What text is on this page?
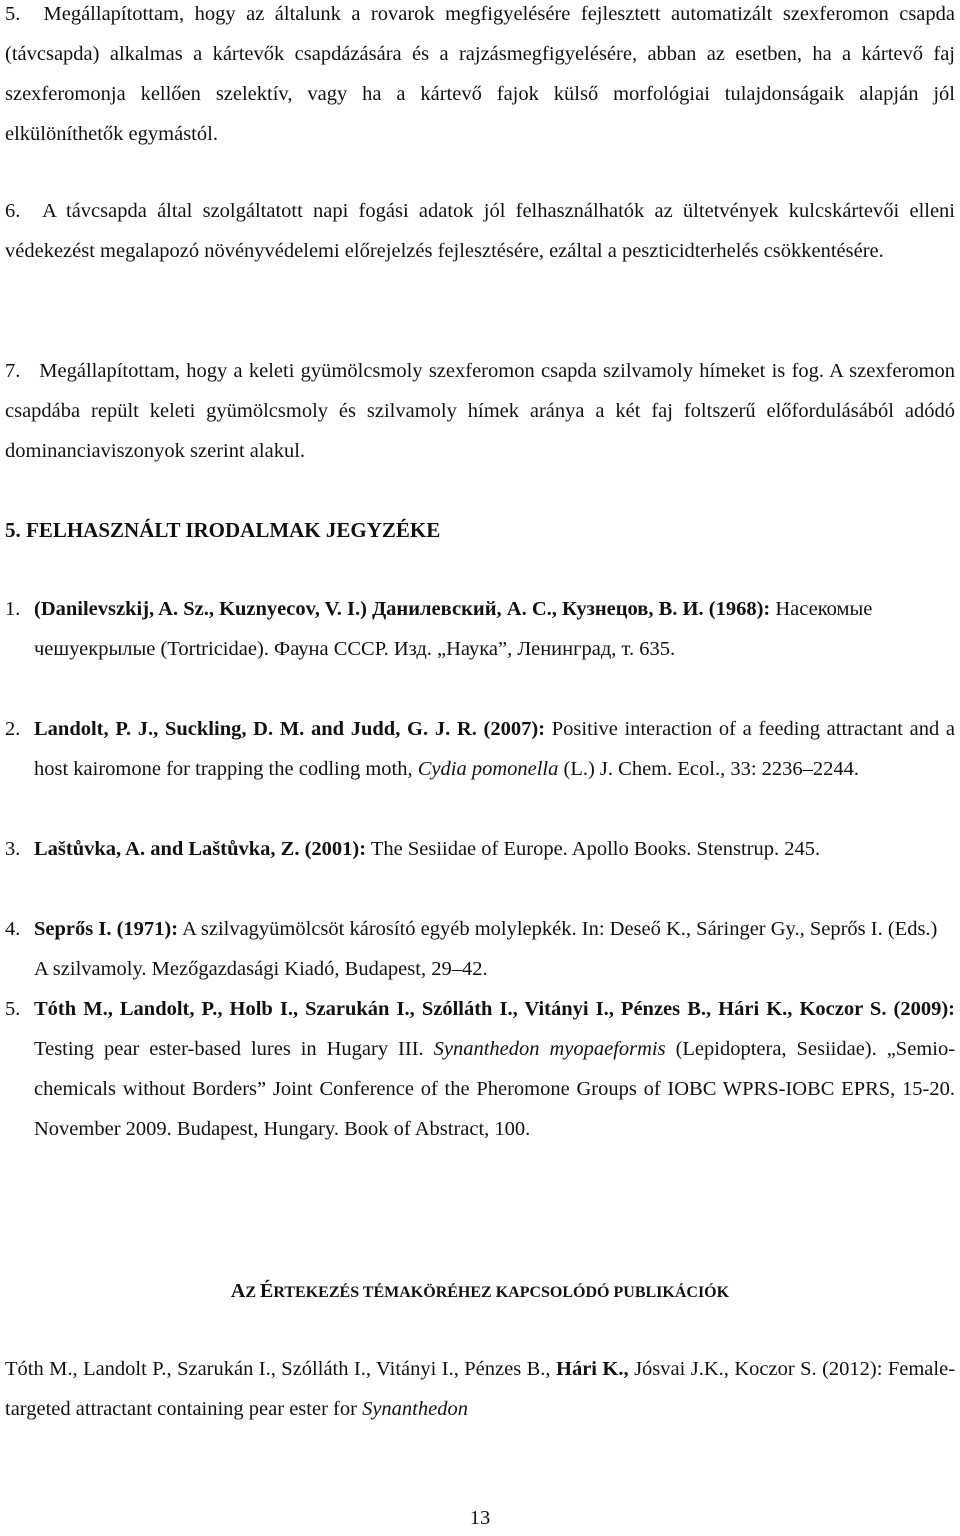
5. Megállapítottam, hogy az általunk a rovarok megfigyelésére fejlesztett automatizált szexferomon csapda (távcsapda) alkalmas a kártevők csapdázására és a rajzásmegfigyelésére, abban az esetben, ha a kártevő faj szexferomonja kellően szelektív, vagy ha a kártevő fajok külső morfológiai tulajdonságaik alapján jól elkülöníthetők egymástól.

6. A távcsapda által szolgáltatott napi fogási adatok jól felhasználhatók az ültetvények kulcskártevői elleni védekezést megalapozó növényvédelemi előrejelzés fejlesztésére, ezáltal a peszticidterhelés csökkentésére.

7. Megállapítottam, hogy a keleti gyümölcsmoly szexferomon csapda szilvamoly hímeket is fog. A szexferomon csapdába repült keleti gyümölcsmoly és szilvamoly hímek aránya a két faj foltszerű előfordulásából adódó dominanciaviszonyok szerint alakul.

5. FELHASZNÁLT IRODALMAK JEGYZÉKE

1. (Danilevszkij, A. Sz., Kuznyecov, V. I.) Данилевский, А. С., Кузнецов, В. И. (1968): Насекомые чешуекрылые (Tortricidae). Фауна СССР. Изд. „Наука”, Ленинград, т. 635.
2. Landolt, P. J., Suckling, D. M. and Judd, G. J. R. (2007): Positive interaction of a feeding attractant and a host kairomone for trapping the codling moth, Cydia pomonella (L.) J. Chem. Ecol., 33: 2236–2244.
3. Laštůvka, A. and Laštůvka, Z. (2001): The Sesiidae of Europe. Apollo Books. Stenstrup. 245.
4. Seprős I. (1971): A szilvagyümölcsöt károsító egyéb molylepkék. In: Deseő K., Sáringer Gy., Seprős I. (Eds.) A szilvamoly. Mezőgazdasági Kiadó, Budapest, 29–42.
5. Tóth M., Landolt, P., Holb I., Szarukán I., Szólláth I., Vitányi I., Pénzes B., Hári K., Koczor S. (2009): Testing pear ester-based lures in Hugary III. Synanthedon myopaeformis (Lepidoptera, Sesiidae). „Semio-chemicals without Borders” Joint Conference of the Pheromone Groups of IOBC WPRS-IOBC EPRS, 15-20. November 2009. Budapest, Hungary. Book of Abstract, 100.

AZ ÉRTEKEZÉS TÉMAKÖRÉHEZ KAPCSOLÓDÓ PUBLIKÁCIÓK

Tóth M., Landolt P., Szarukán I., Szólláth I., Vitányi I., Pénzes B., Hári K., Jósvai J.K., Koczor S. (2012): Female-targeted attractant containing pear ester for Synanthedon

13
